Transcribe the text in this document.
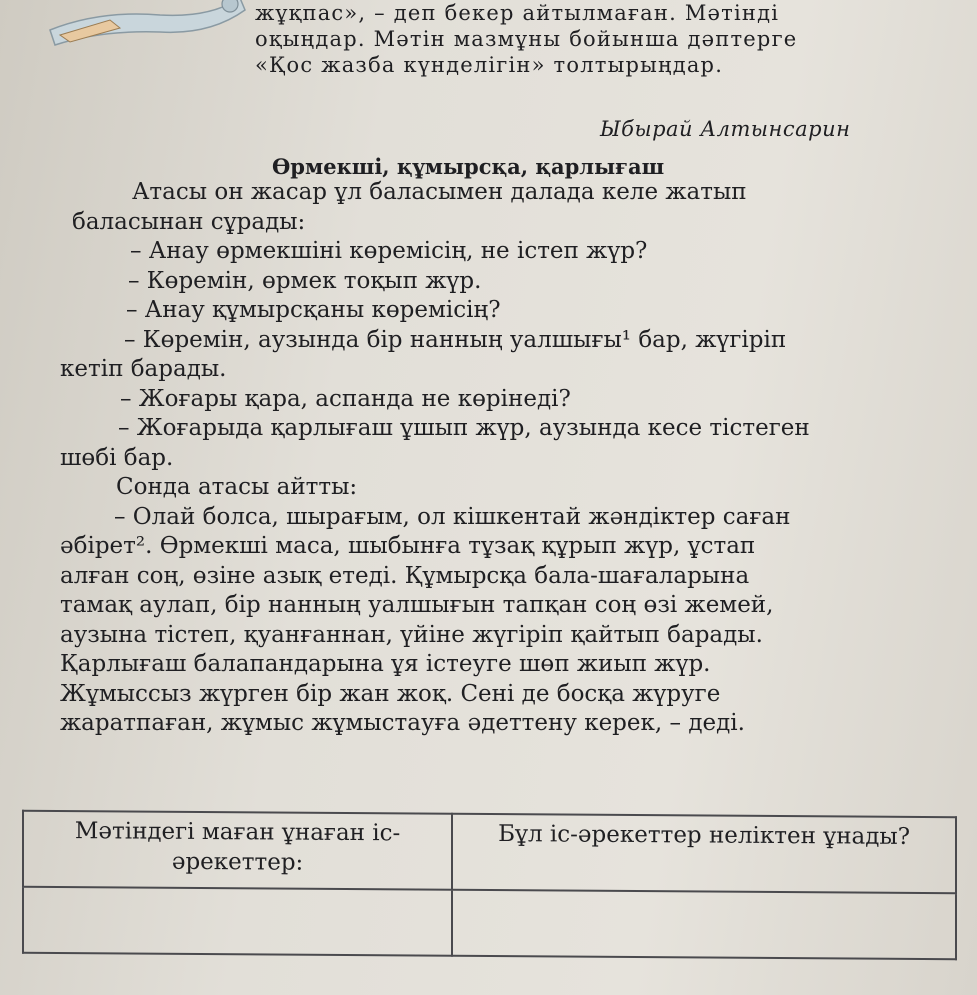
жұқпас», – деп бекер айтылмаған. Мәтінді
оқыңдар. Мәтін мазмұны бойынша дәптерге
«Қос жазба күнделігін» толтырыңдар.
Ыбырай Алтынсарин
Өрмекші, құмырсқа, қарлығаш
Атасы он жасар ұл баласымен далада келе жатып
баласынан сұрады:
– Анау өрмекшіні көремісің, не істеп жүр?
– Көремін, өрмек тоқып жүр.
– Анау құмырсқаны көремісің?
– Көремін, аузында бір нанның уалшығы¹ бар, жүгіріп
кетіп барады.
– Жоғары қара, аспанда не көрінеді?
– Жоғарыда қарлығаш ұшып жүр, аузында кесе тістеген
шөбі бар.
Сонда атасы айтты:
– Олай болса, шырағым, ол кішкентай жәндіктер саған
әбірет². Өрмекші маса, шыбынға тұзақ құрып жүр, ұстап
алған соң, өзіне азық етеді. Құмырсқа бала-шағаларына
тамақ аулап, бір нанның уалшығын тапқан соң өзі жемей,
аузына тістеп, қуанғаннан, үйіне жүгіріп қайтып барады.
Қарлығаш балапандарына ұя істеуге шөп жиып жүр.
Жұмыссыз жүрген бір жан жоқ. Сені де босқа жүруге
жаратпаған, жұмыс жұмыстауға әдеттену керек, – деді.
Мәтіндегі маған ұнаған іс-әрекеттер:	Бұл іс-әрекеттер неліктен ұнады?
